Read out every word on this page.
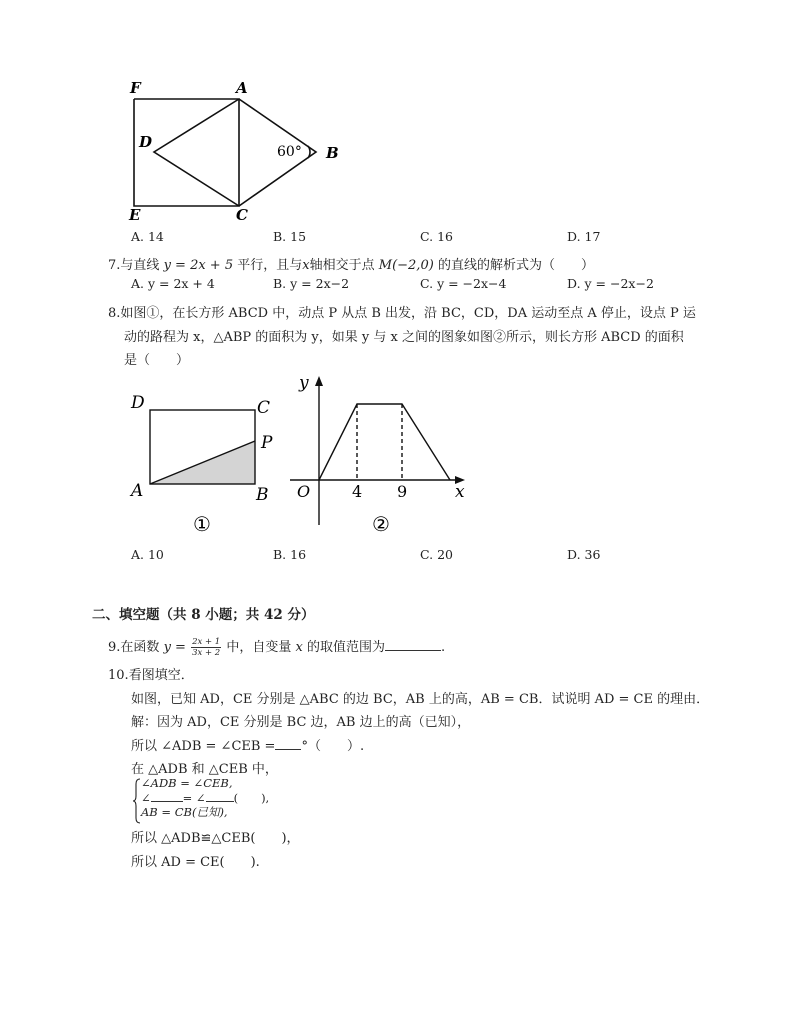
F	A
D
60° B
E	C
A. 14	B. 15	C. 16	D. 17
7.与直线 y = 2x + 5 平行，且与x轴相交于点 M(−2,0) 的直线的解析式为（　　）
A. y = 2x + 4	B. y = 2x−2	C. y = −2x−4	D. y = −2x−2
8.如图①，在长方形 ABCD 中，动点 P 从点 B 出发，沿 BC，CD，DA 运动至点 A 停止，设点 P 运
动的路程为 x，△ABP 的面积为 y，如果 y 与 x 之间的图象如图②所示，则长方形 ABCD 的面积
是（　　）
D	C
P
A	B
①
y
O	4 9	x
②
A. 10	B. 16	C. 20	D. 36
二、填空题（共 8 小题；共 42 分）
9.在函数 $y = \frac{2x + 1}{3x + 2}$ 中，自变量 x 的取值范围为	.
10.看图填空．
如图，已知 AD，CE 分别是 △ABC 的边 BC，AB 上的高，AB = CB．试说明 AD = CE 的理由．
解：因为 AD，CE 分别是 BC 边，AB 边上的高（已知），
所以 ∠ADB = ∠CEB = °（　　）.
在 △ADB 和 △CEB 中，
∠ADB = ∠CEB,
∠	= ∠ (　　),
AB = CB(已知),
所以 △ADB≌△CEB(　　)，
所以 AD = CE(　　).
